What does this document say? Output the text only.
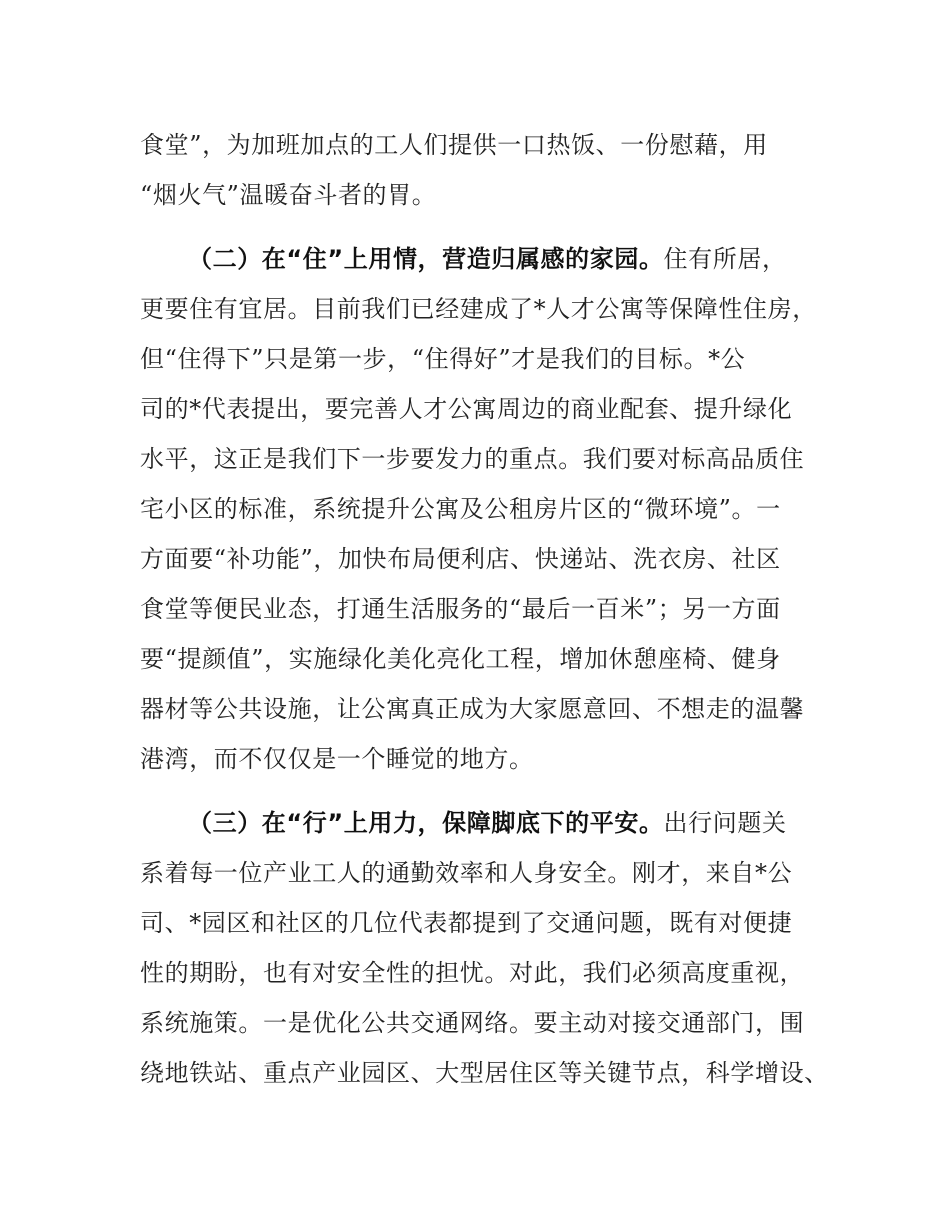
食堂”，为加班加点的工人们提供一口热饭、一份慰藉，用
“烟火气”温暖奋斗者的胃。
（二）在“住”上用情，营造归属感的家园。住有所居，
更要住有宜居。目前我们已经建成了*人才公寓等保障性住房，
但“住得下”只是第一步，“住得好”才是我们的目标。*公
司的*代表提出，要完善人才公寓周边的商业配套、提升绿化
水平，这正是我们下一步要发力的重点。我们要对标高品质住
宅小区的标准，系统提升公寓及公租房片区的“微环境”。一
方面要“补功能”，加快布局便利店、快递站、洗衣房、社区
食堂等便民业态，打通生活服务的“最后一百米”；另一方面
要“提颜值”，实施绿化美化亮化工程，增加休憩座椅、健身
器材等公共设施，让公寓真正成为大家愿意回、不想走的温馨
港湾，而不仅仅是一个睡觉的地方。
（三）在“行”上用力，保障脚底下的平安。出行问题关
系着每一位产业工人的通勤效率和人身安全。刚才，来自*公
司、*园区和社区的几位代表都提到了交通问题，既有对便捷
性的期盼，也有对安全性的担忧。对此，我们必须高度重视，
系统施策。一是优化公共交通网络。要主动对接交通部门，围
绕地铁站、重点产业园区、大型居住区等关键节点，科学增设、
